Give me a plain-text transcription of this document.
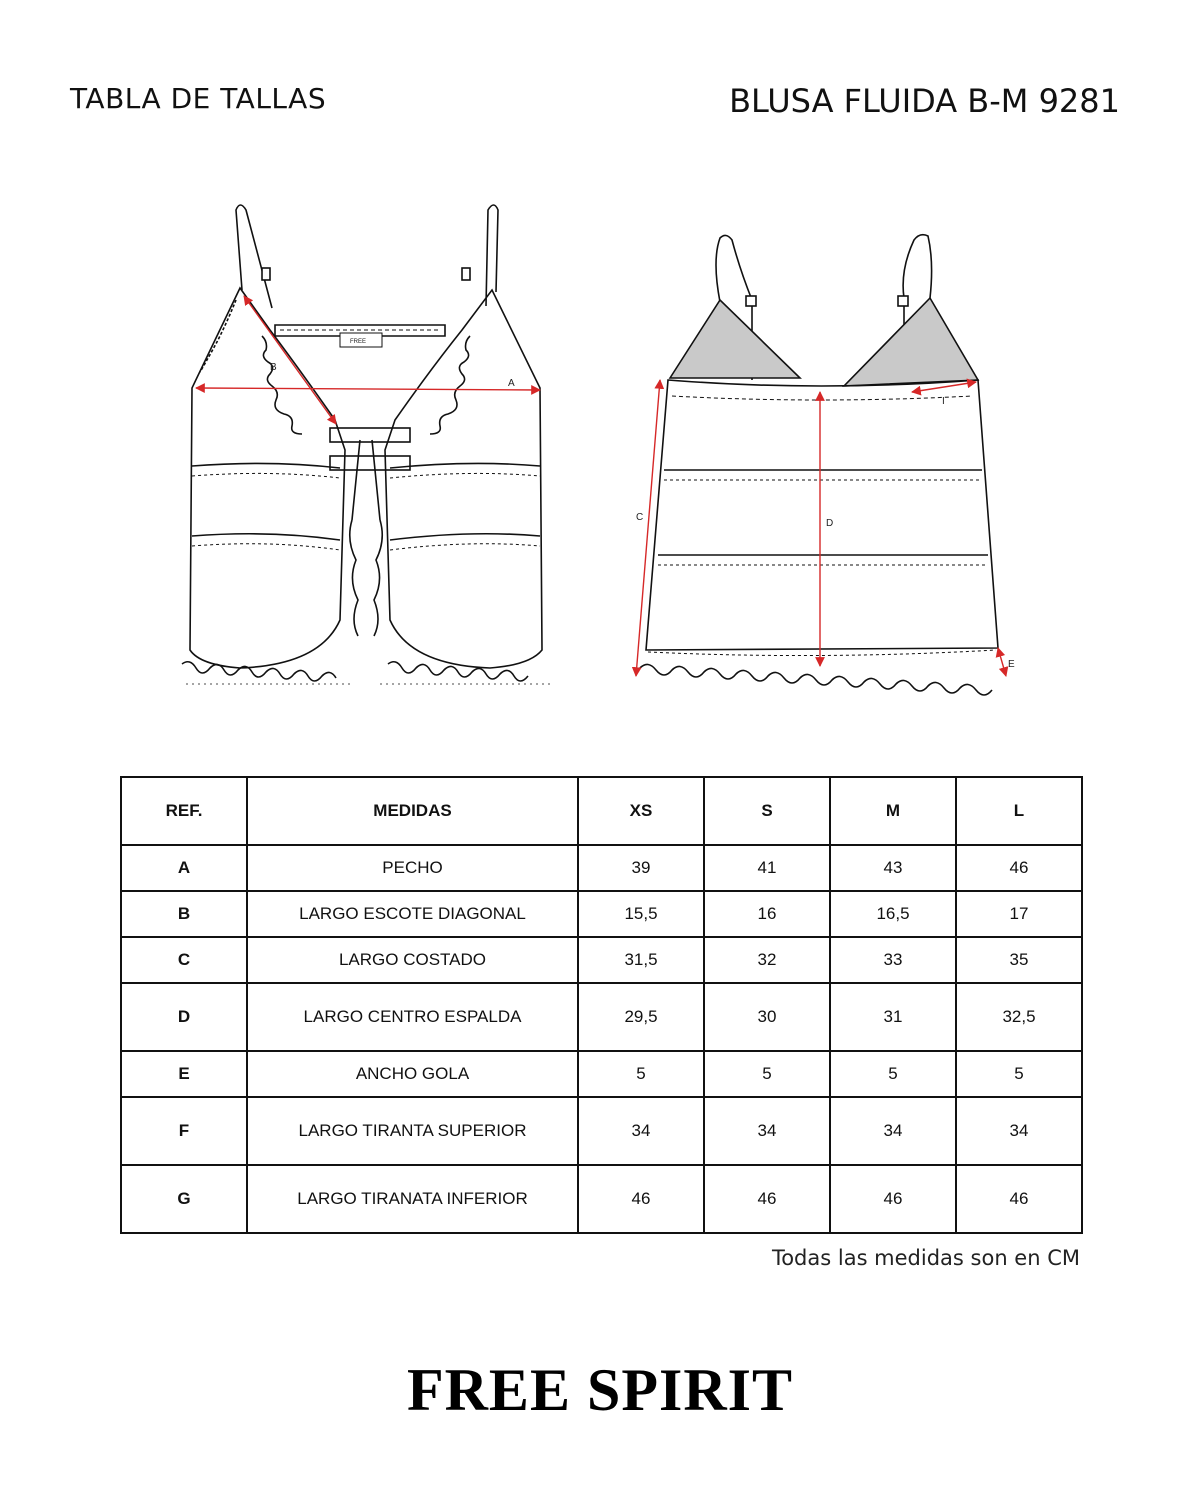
TABLA DE TALLAS	BLUSA FLUIDA B-M 9281
FREE
A
B
C
D
E
I
REF.	MEDIDAS	XS	S	M	L
A	PECHO	39	41	43	46
B	LARGO ESCOTE DIAGONAL	15,5	16	16,5	17
C	LARGO COSTADO	31,5	32	33	35
D	LARGO CENTRO ESPALDA	29,5	30	31	32,5
E	ANCHO GOLA	5	5	5	5
F	LARGO TIRANTA SUPERIOR	34	34	34	34
G	LARGO TIRANATA INFERIOR	46	46	46	46
Todas las medidas son en CM
FREE SPIRIT
